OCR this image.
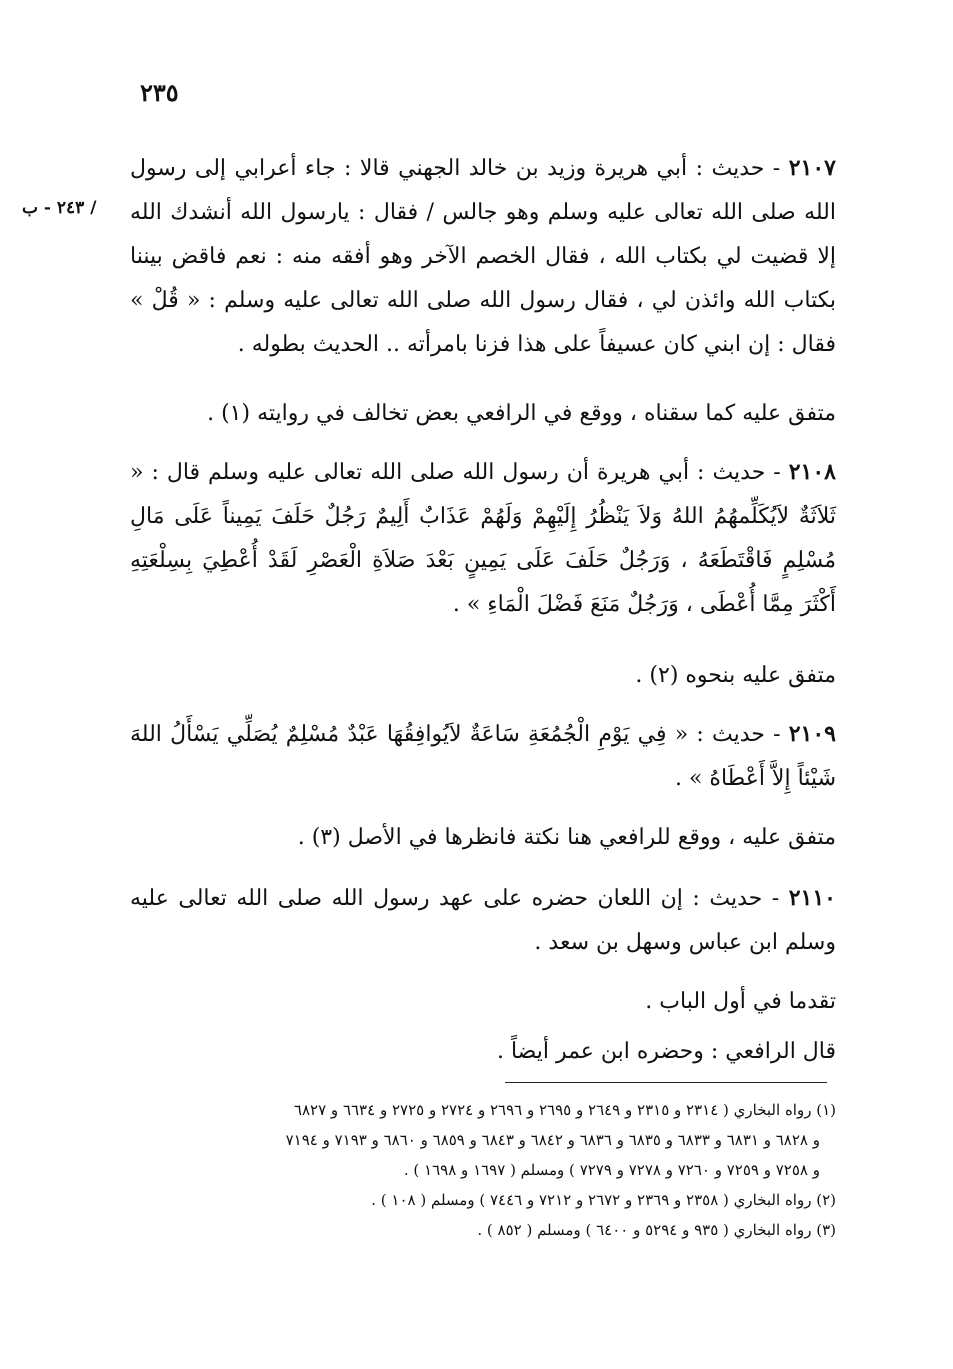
٢٣٥
/ ٢٤٣ - ب
٢١٠٧ - حديث : أبي هريرة وزيد بن خالد الجهني قالا : جاء أعرابي إلى رسول الله صلى الله تعالى عليه وسلم وهو جالس / فقال : يارسول الله أنشدك الله إلا قضيت لي بكتاب الله ، فقال الخصم الآخر وهو أفقه منه : نعم فاقض بيننا بكتاب الله وائذن لي ، فقال رسول الله صلى الله تعالى عليه وسلم : « قُلْ » فقال : إن ابني كان عسيفاً على هذا فزنا بامرأته .. الحديث بطوله .
متفق عليه كما سقناه ، ووقع في الرافعي بعض تخالف في روايته (١) .
٢١٠٨ - حديث : أبي هريرة أن رسول الله صلى الله تعالى عليه وسلم قال : « ثَلاَثَةٌ لاَيُكَلِّمهُمُ اللهُ وَلاَ يَنْظُرُ إِلَيْهِمْ وَلَهُمْ عَذَابٌ أَلِيمٌ رَجُلٌ حَلَفَ يَمِيناً عَلَى مَالِ مُسْلِمٍ فَاقْتَطَعَهُ ، وَرَجُلٌ حَلَفَ عَلَى يَمِينٍ بَعْدَ صَلاَةِ الْعَصْرِ لَقَدْ أُعْطِيَ بِسِلْعَتِهِ أَكْثَرَ مِمَّا أُعْطَى ، وَرَجُلٌ مَنَعَ فَضْلَ الْمَاءِ » .
متفق عليه بنحوه (٢) .
٢١٠٩ - حديث : « فِي يَوْمِ الْجُمُعَةِ سَاعَةٌ لاَيُوافِقُهَا عَبْدٌ مُسْلِمٌ يُصَلِّي يَسْأَلُ اللهَ شَيْئاً إِلاَّ أَعْطَاهُ » .
متفق عليه ، ووقع للرافعي هنا نكتة فانظرها في الأصل (٣) .
٢١١٠ - حديث : إن اللعان حضره على عهد رسول الله صلى الله تعالى عليه وسلم ابن عباس وسهل بن سعد .
تقدما في أول الباب .
قال الرافعي : وحضره ابن عمر أيضاً .

(١) رواه البخاري ( ٢٣١٤ و ٢٣١٥ و ٢٦٤٩ و ٢٦٩٥ و ٢٦٩٦ و ٢٧٢٤ و ٢٧٢٥ و ٦٦٣٤ و ٦٨٢٧

و ٦٨٢٨ و ٦٨٣١ و ٦٨٣٣ و ٦٨٣٥ و ٦٨٣٦ و ٦٨٤٢ و ٦٨٤٣ و ٦٨٥٩ و ٦٨٦٠ و ٧١٩٣ و ٧١٩٤

و ٧٢٥٨ و ٧٢٥٩ و ٧٢٦٠ و ٧٢٧٨ و ٧٢٧٩ ) ومسلم ( ١٦٩٧ و ١٦٩٨ ) .

(٢) رواه البخاري ( ٢٣٥٨ و ٢٣٦٩ و ٢٦٧٢ و ٧٢١٢ و ٧٤٤٦ ) ومسلم ( ١٠٨ ) .

(٣) رواه البخاري ( ٩٣٥ و ٥٢٩٤ و ٦٤٠٠ ) ومسلم ( ٨٥٢ ) .
